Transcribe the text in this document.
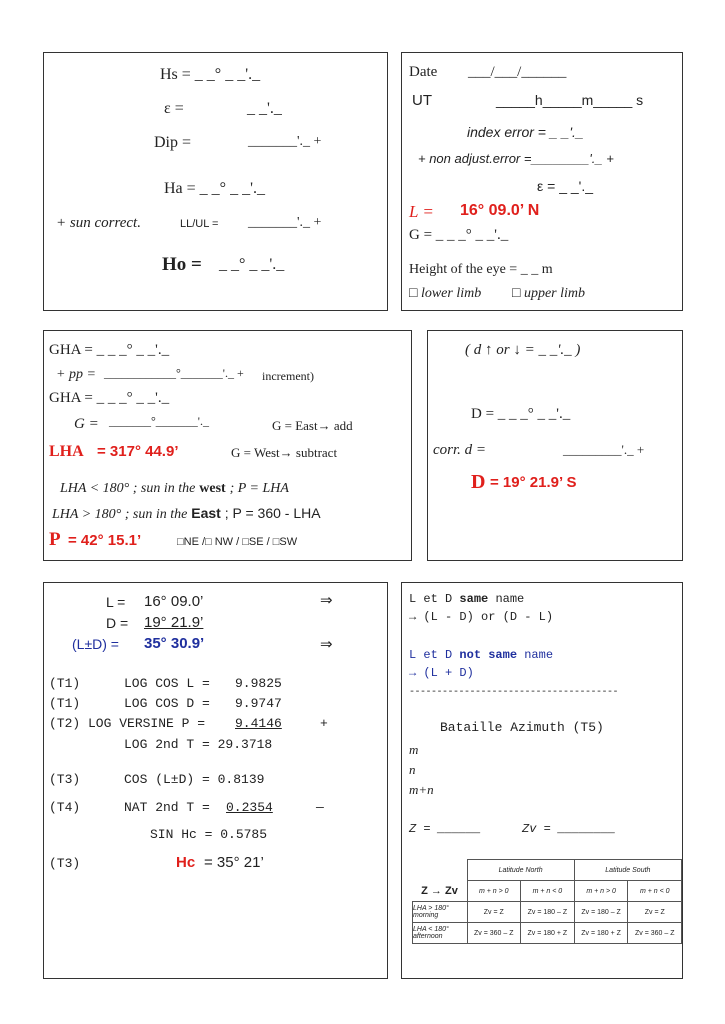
Hs = _ _° _ _'._
ε =	_ _'._
Dip =	_______'._ +
Ha = _ _° _ _'._
+ sun correct.	LL/UL = _______'._ +
Ho = _ _° _ _'._
Date ___/___/______
UT	_____h_____m_____ s
index error = _ _'._
+ non adjust.error =________'._ +
ε = _ _'._
L = 16° 09.0’ N
G = _ _ _° _ _'._
Height of the eye = _ _ m
□ lower limb □ upper limb
GHA = _ _ _° _ _'._
+ pp = ____________°_______'._ + increment)
GHA = _ _ _° _ _'._
G = _______°_______'._	G = East→ add
LHA = 317° 44.9’	G = West→ subtract
LHA < 180° ; sun in the west ; P = LHA
LHA > 180° ; sun in the East ; P = 360 - LHA
P = 42° 15.1’	□NE /□ NW / □SE / □SW
( d ↑ or ↓ = _ _'._ )
D = _ _ _° _ _'._
corr. d =	_________'._ +
D = 19° 21.9’ S
L = 16° 09.0’
D = 19° 21.9’
(L±D) = 35° 30.9’
⇒
⇒
(T1)	LOG COS L = 9.9825
(T1)	LOG COS D = 9.9747
(T2) LOG VERSINE P = 9.4146	+
LOG 2nd T = 29.3718
(T3)	COS (L±D) = 0.8139
(T4)	NAT 2nd T = 0.2354	—
SIN Hc = 0.5785
(T3)	Hc = 35° 21’
L et D same name
→ (L - D) or (D - L)
L et D not same name
→ (L + D)
--------------------------------------
Bataille Azimuth (T5)
m
n
m+n
Z = ______	Zv = ________
	Latitude North		Latitude South	
Z → Zv	m + n > 0	m + n < 0	m + n > 0	m + n < 0
LHA > 180° morning	Zv = Z	Zv = 180 – Z	Zv = 180 – Z	Zv = Z
LHA < 180° afternoon	Zv = 360 – Z	Zv = 180 + Z	Zv = 180 + Z	Zv = 360 – Z
